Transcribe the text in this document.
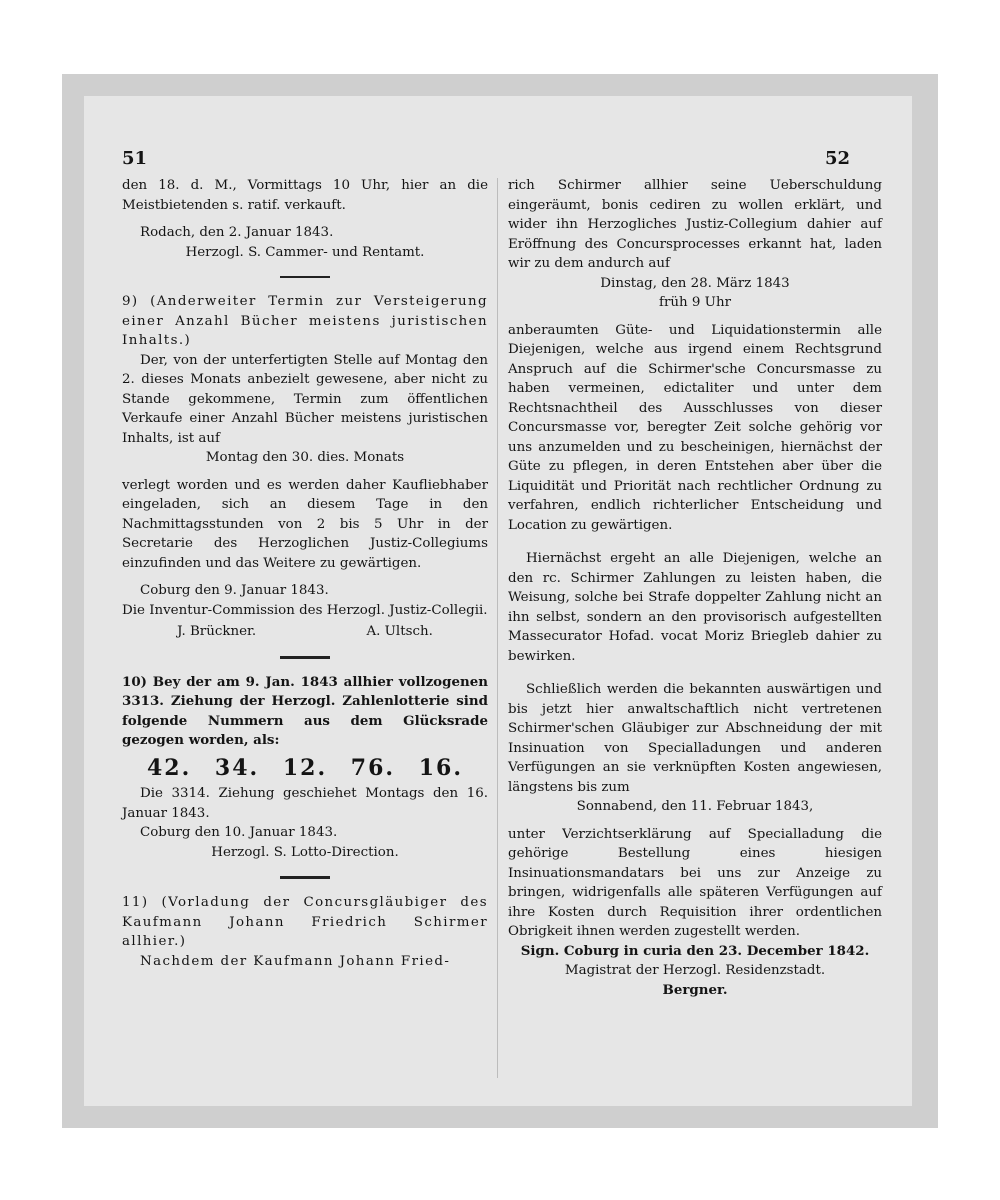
51	52

den 18. d. M., Vormittags 10 Uhr, hier an die Meistbietenden s. ratif. verkauft.

Rodach, den 2. Januar 1843.

Herzogl. S. Cammer- und Rentamt.

9) (Anderweiter Termin zur Versteigerung einer Anzahl Bücher meistens juristischen Inhalts.)

Der, von der unterfertigten Stelle auf Montag den 2. dieses Monats anbezielt gewesene, aber nicht zu Stande gekommene, Termin zum öffentlichen Verkaufe einer Anzahl Bücher meistens juristischen Inhalts, ist auf

Montag den 30. dies. Monats

verlegt worden und es werden daher Kaufliebhaber eingeladen, sich an diesem Tage in den Nachmittagsstunden von 2 bis 5 Uhr in der Secretarie des Herzoglichen Justiz-Collegiums einzufinden und das Weitere zu gewärtigen.

Coburg den 9. Januar 1843.

Die Inventur-Commission des Herzogl. Justiz-Collegii.

J. Brückner.	A. Ultsch.

10) Bey der am 9. Jan. 1843 allhier vollzogenen 3313. Ziehung der Herzogl. Zahlenlotterie sind folgende Nummern aus dem Glücksrade gezogen worden, als:

42. 34. 12. 76. 16.

Die 3314. Ziehung geschiehet Montags den 16. Januar 1843.

Coburg den 10. Januar 1843.

Herzogl. S. Lotto-Direction.

11) (Vorladung der Concursgläubiger des Kaufmann Johann Friedrich Schirmer allhier.)

Nachdem der Kaufmann Johann Fried-

rich Schirmer allhier seine Ueberschuldung eingeräumt, bonis cediren zu wollen erklärt, und wider ihn Herzogliches Justiz-Collegium dahier auf Eröffnung des Concursprocesses erkannt hat, laden wir zu dem andurch auf

Dinstag, den 28. März 1843

früh 9 Uhr

anberaumten Güte- und Liquidationstermin alle Diejenigen, welche aus irgend einem Rechtsgrund Anspruch auf die Schirmer'sche Concursmasse zu haben vermeinen, edictaliter und unter dem Rechtsnachtheil des Ausschlusses von dieser Concursmasse vor, beregter Zeit solche gehörig vor uns anzumelden und zu bescheinigen, hiernächst der Güte zu pflegen, in deren Entstehen aber über die Liquidität und Priorität nach rechtlicher Ordnung zu verfahren, endlich richterlicher Entscheidung und Location zu gewärtigen.

Hiernächst ergeht an alle Diejenigen, welche an den rc. Schirmer Zahlungen zu leisten haben, die Weisung, solche bei Strafe doppelter Zahlung nicht an ihn selbst, sondern an den provisorisch aufgestellten Massecurator Hofad. vocat Moriz Briegleb dahier zu bewirken.

Schließlich werden die bekannten auswärtigen und bis jetzt hier anwaltschaftlich nicht vertretenen Schirmer'schen Gläubiger zur Abschneidung der mit Insinuation von Specialladungen und anderen Verfügungen an sie verknüpften Kosten angewiesen, längstens bis zum

Sonnabend, den 11. Februar 1843,

unter Verzichtserklärung auf Specialladung die gehörige Bestellung eines hiesigen Insinuationsmandatars bei uns zur Anzeige zu bringen, widrigenfalls alle späteren Verfügungen auf ihre Kosten durch Requisition ihrer ordentlichen Obrigkeit ihnen werden zugestellt werden.

Sign. Coburg in curia den 23. December 1842.

Magistrat der Herzogl. Residenzstadt.

Bergner.
